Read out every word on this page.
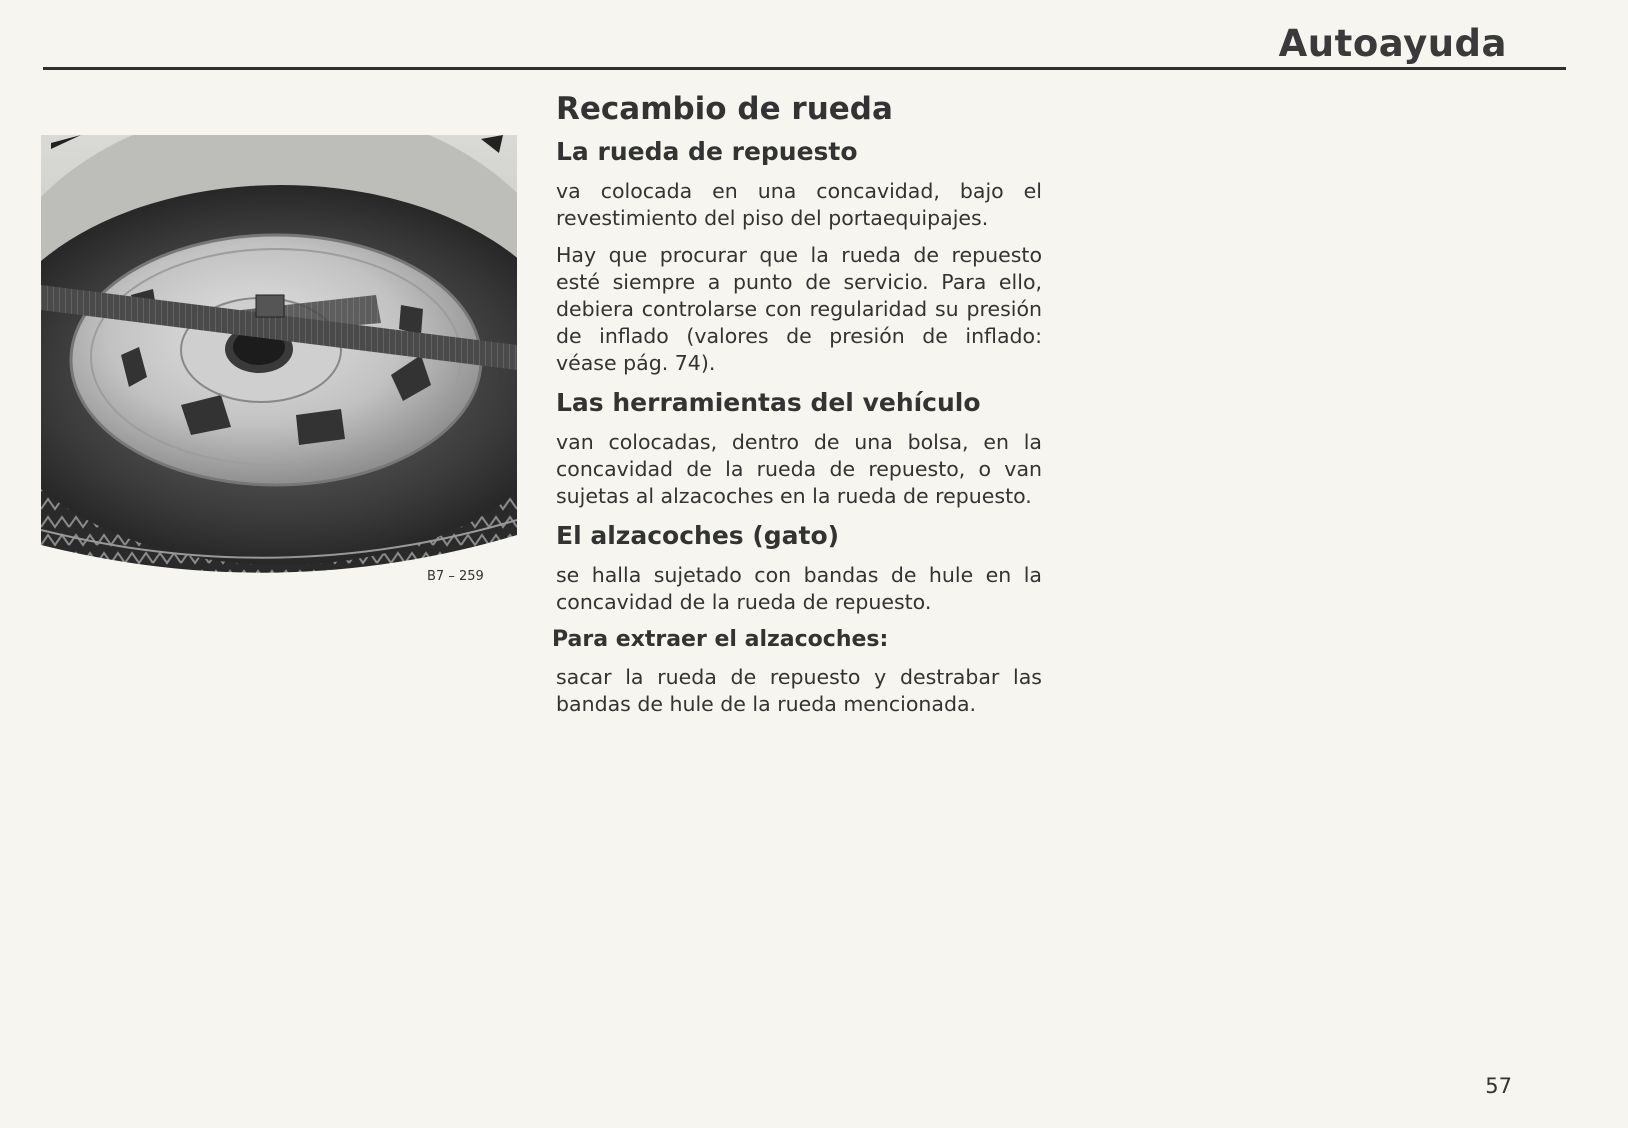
Autoayuda
B7 – 259
Recambio de rueda
La rueda de repuesto

va colocada en una concavidad, bajo el revestimiento del piso del portaequipajes.

Hay que procurar que la rueda de repuesto esté siempre a punto de servicio. Para ello, debiera controlarse con regularidad su presión de inflado (valores de presión de inflado: véase pág. 74).

Las herramientas del vehículo

van colocadas, dentro de una bolsa, en la concavidad de la rueda de repuesto, o van sujetas al alzacoches en la rueda de repuesto.

El alzacoches (gato)

se halla sujetado con bandas de hule en la concavidad de la rueda de repuesto.

Para extraer el alzacoches:

sacar la rueda de repuesto y destrabar las bandas de hule de la rueda mencionada.

57
